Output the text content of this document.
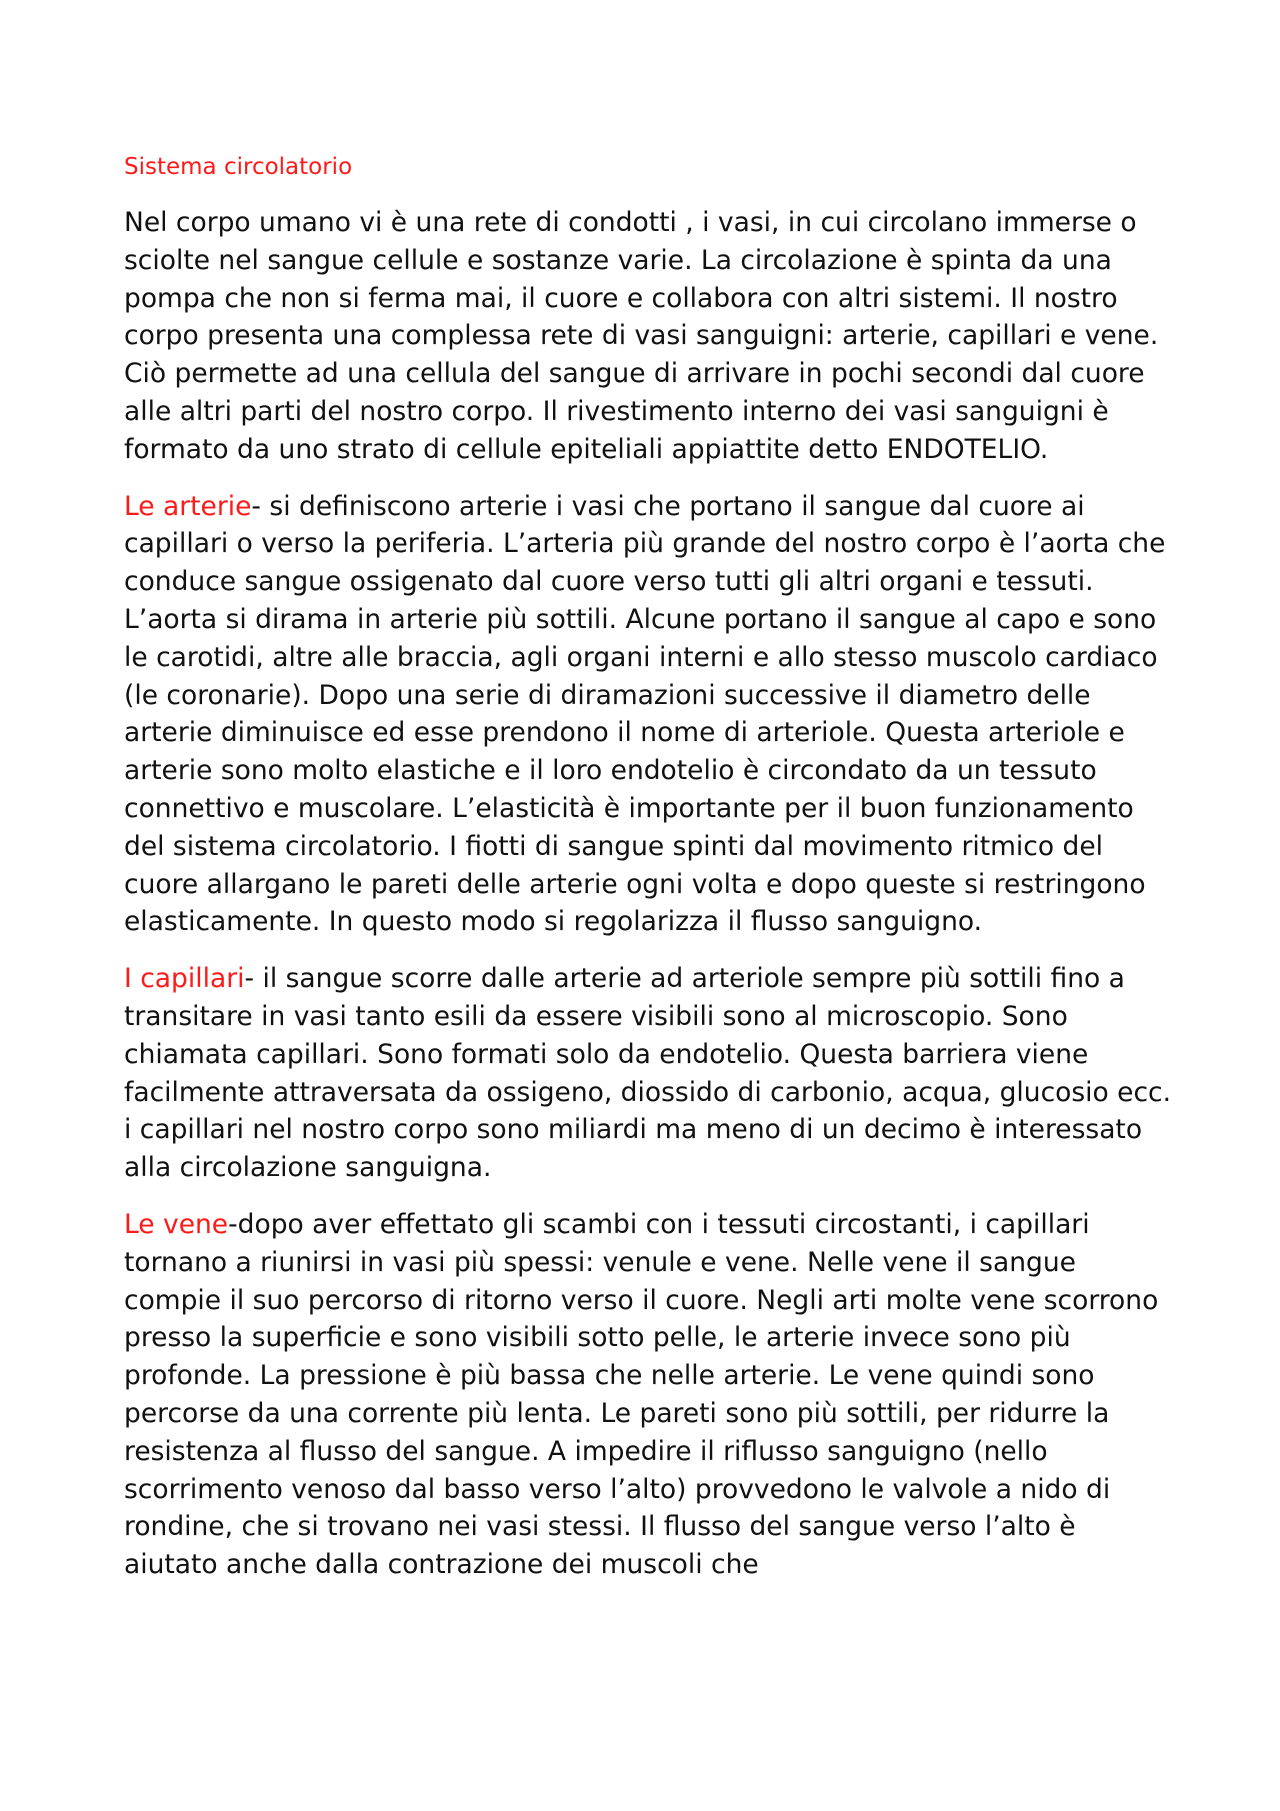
Sistema circolatorio

Nel corpo umano vi è una rete di condotti , i vasi, in cui circolano immerse o sciolte nel sangue cellule e sostanze varie. La circolazione è spinta da una pompa che non si ferma mai, il cuore e collabora con altri sistemi. Il nostro corpo presenta una complessa rete di vasi sanguigni: arterie, capillari e vene. Ciò permette ad una cellula del sangue di arrivare in pochi secondi dal cuore alle altri parti del nostro corpo. Il rivestimento interno dei vasi sanguigni è formato da uno strato di cellule epiteliali appiattite detto ENDOTELIO.

Le arterie- si definiscono arterie i vasi che portano il sangue dal cuore ai capillari o verso la periferia. L’arteria più grande del nostro corpo è l’aorta che conduce sangue ossigenato dal cuore verso tutti gli altri organi e tessuti. L’aorta si dirama in arterie più sottili. Alcune portano il sangue al capo e sono le carotidi, altre alle braccia, agli organi interni e allo stesso muscolo cardiaco (le coronarie). Dopo una serie di diramazioni successive il diametro delle arterie diminuisce ed esse prendono il nome di arteriole. Questa arteriole e arterie sono molto elastiche e il loro endotelio è circondato da un tessuto connettivo e muscolare. L’elasticità è importante per il buon funzionamento del sistema circolatorio. I fiotti di sangue spinti dal movimento ritmico del cuore allargano le pareti delle arterie ogni volta e dopo queste si restringono elasticamente. In questo modo si regolarizza il flusso sanguigno.

I capillari- il sangue scorre dalle arterie ad arteriole sempre più sottili fino a transitare in vasi tanto esili da essere visibili sono al microscopio. Sono chiamata capillari. Sono formati solo da endotelio. Questa barriera viene facilmente attraversata da ossigeno, diossido di carbonio, acqua, glucosio ecc. i capillari nel nostro corpo sono miliardi ma meno di un decimo è interessato alla circolazione sanguigna.

Le vene-dopo aver effettato gli scambi con i tessuti circostanti, i capillari tornano a riunirsi in vasi più spessi: venule e vene. Nelle vene il sangue compie il suo percorso di ritorno verso il cuore. Negli arti molte vene scorrono presso la superficie e sono visibili sotto pelle, le arterie invece sono più profonde. La pressione è più bassa che nelle arterie. Le vene quindi sono percorse da una corrente più lenta. Le pareti sono più sottili, per ridurre la resistenza al flusso del sangue. A impedire il riflusso sanguigno (nello scorrimento venoso dal basso verso l’alto) provvedono le valvole a nido di rondine, che si trovano nei vasi stessi. Il flusso del sangue verso l’alto è aiutato anche dalla contrazione dei muscoli che
